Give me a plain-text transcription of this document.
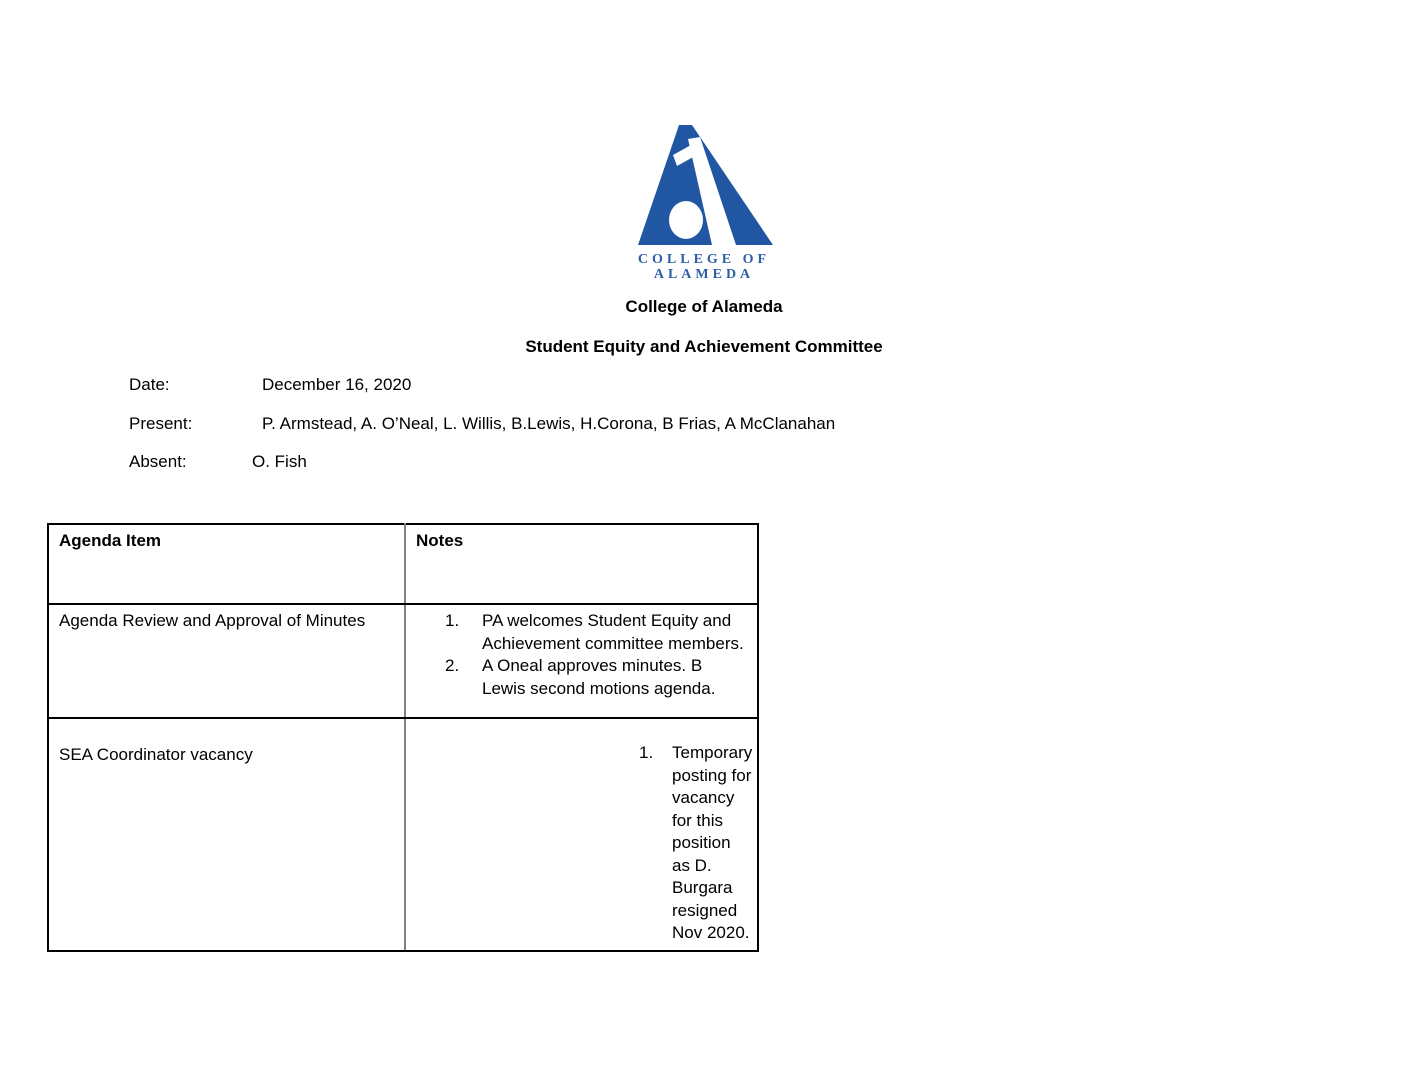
COLLEGE OF
ALAMEDA
College of Alameda
Student Equity and Achievement Committee
Date:	December 16, 2020
Present:	P. Armstead, A. O’Neal, L. Willis, B.Lewis, H.Corona, B Frias, A McClanahan
Absent:	O. Fish
Agenda Item	Notes
Agenda Review and Approval of Minutes	PA welcomes Student Equity and Achievement committee members.
A Oneal approves minutes. B Lewis second motions agenda.

SEA Coordinator vacancy	Temporary posting for vacancy for this position as D. Burgara resigned Nov 2020.
